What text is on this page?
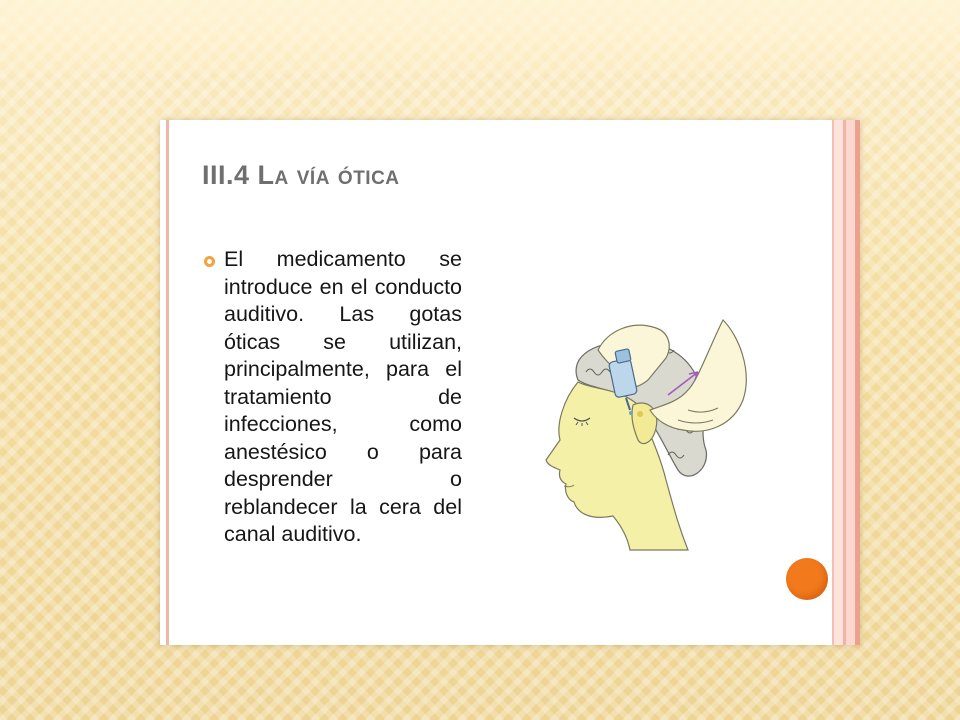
III.4 La vía ótica
El medicamento se introduce en el conducto auditivo. Las gotas óticas se utilizan, principalmente, para el tratamiento de infecciones, como anestésico o para desprender o reblandecer la cera del canal auditivo.
